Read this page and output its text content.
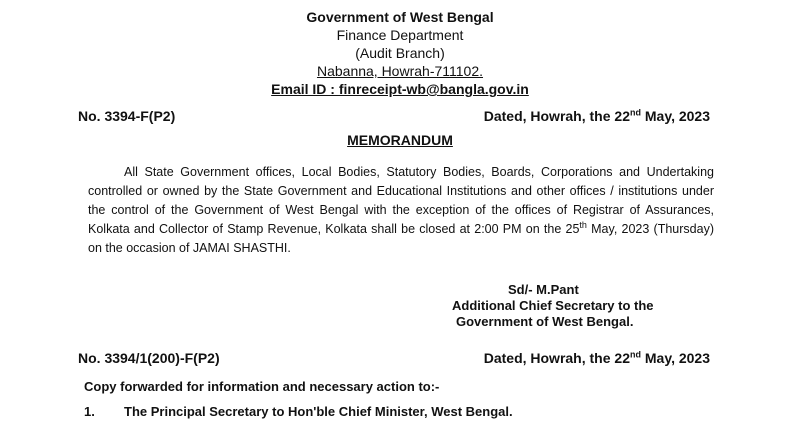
Government of West Bengal
Finance Department
(Audit Branch)
Nabanna, Howrah-711102.
Email ID : finreceipt-wb@bangla.gov.in
No. 3394-F(P2)	Dated, Howrah, the 22nd May, 2023
MEMORANDUM
All State Government offices, Local Bodies, Statutory Bodies, Boards, Corporations and Undertaking controlled or owned by the State Government and Educational Institutions and other offices / institutions under the control of the Government of West Bengal with the exception of the offices of Registrar of Assurances, Kolkata and Collector of Stamp Revenue, Kolkata shall be closed at 2:00 PM on the 25th May, 2023 (Thursday) on the occasion of JAMAI SHASTHI.
Sd/- M.Pant
Additional Chief Secretary to the
Government of West Bengal.
No. 3394/1(200)-F(P2)	Dated, Howrah, the 22nd May, 2023
Copy forwarded for information and necessary action to:-
1. The Principal Secretary to Hon'ble Chief Minister, West Bengal.
